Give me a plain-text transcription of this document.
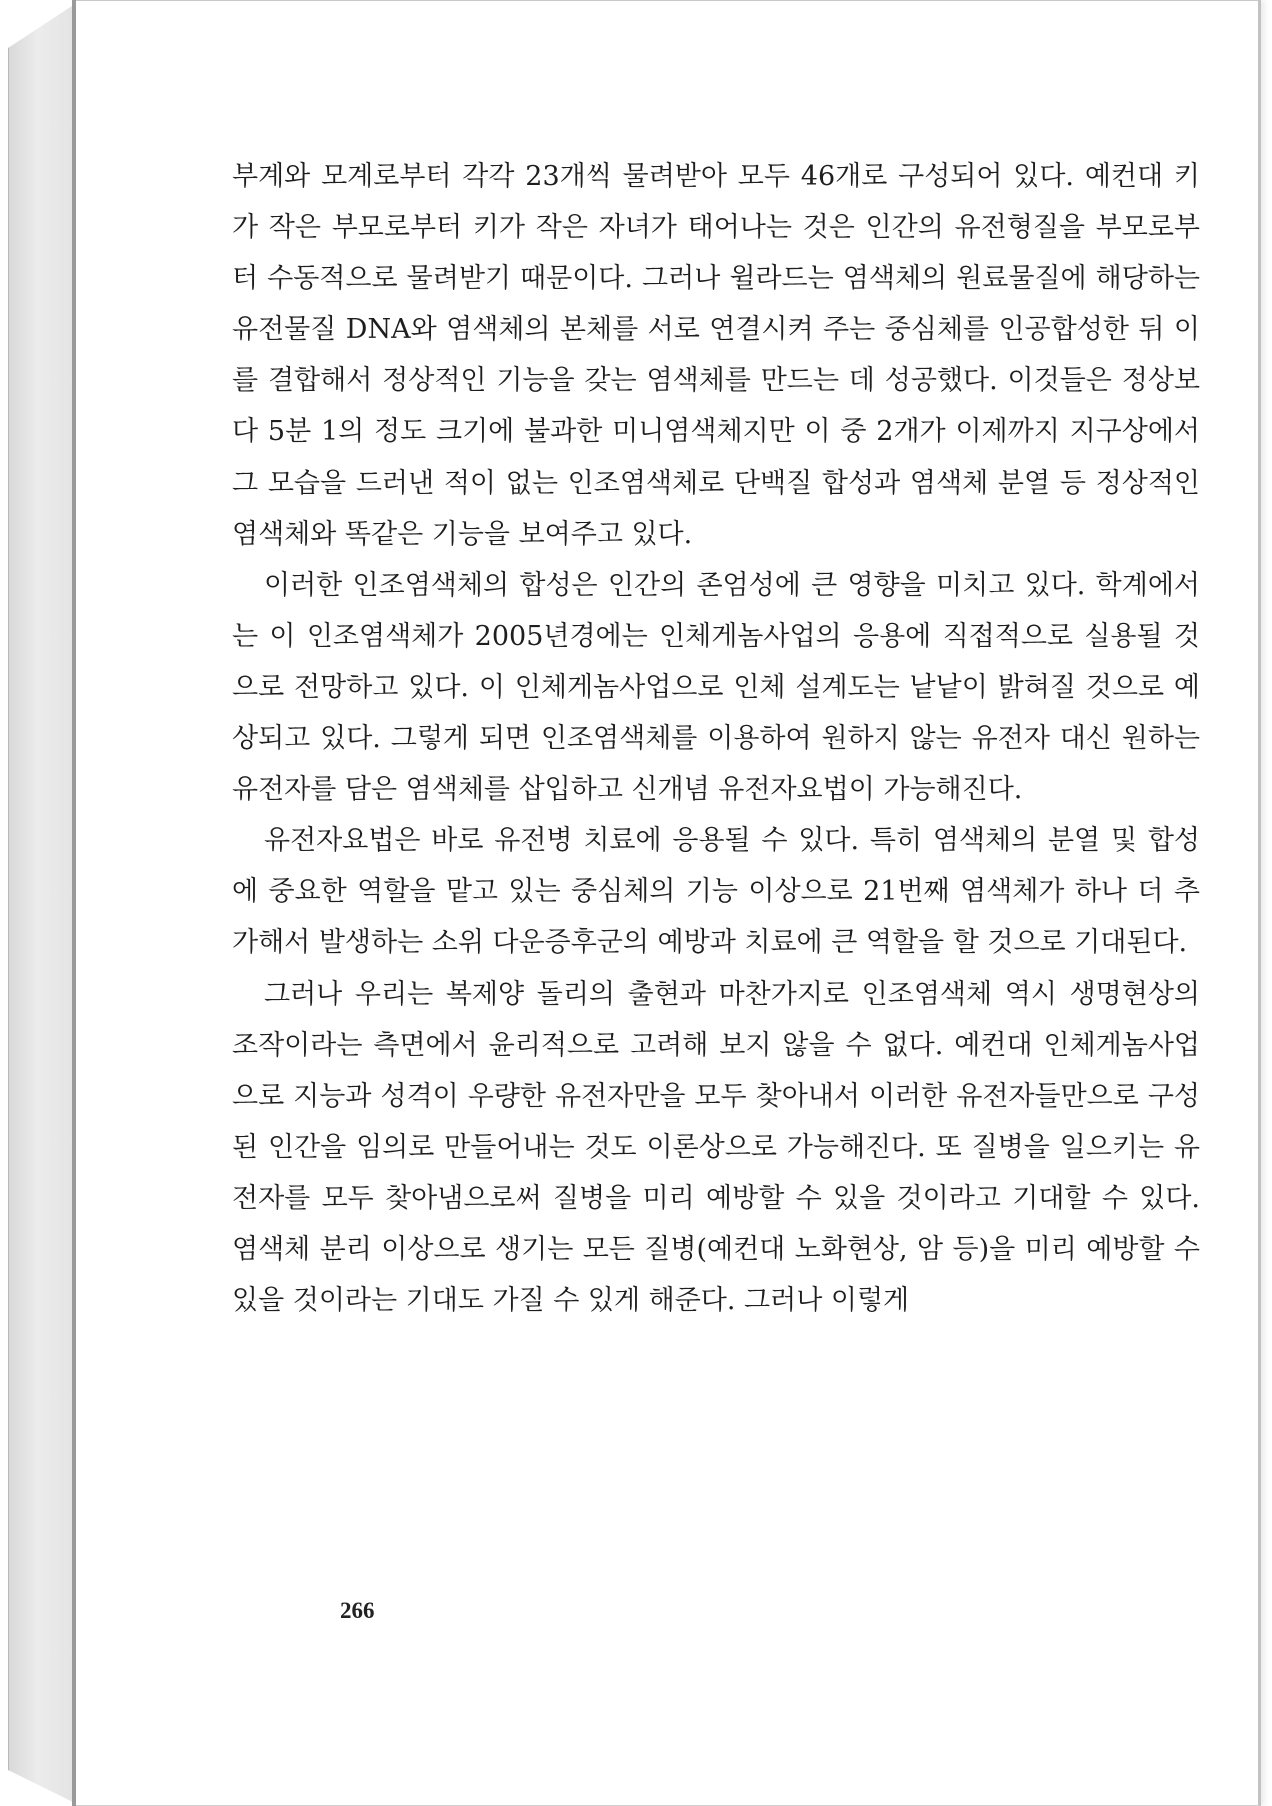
부계와 모계로부터 각각 23개씩 물려받아 모두 46개로 구성되어 있다. 예컨대 키가 작은 부모로부터 키가 작은 자녀가 태어나는 것은 인간의 유전형질을 부모로부터 수동적으로 물려받기 때문이다. 그러나 윌라드는 염색체의 원료물질에 해당하는 유전물질 DNA와 염색체의 본체를 서로 연결시켜 주는 중심체를 인공합성한 뒤 이를 결합해서 정상적인 기능을 갖는 염색체를 만드는 데 성공했다. 이것들은 정상보다 5분 1의 정도 크기에 불과한 미니염색체지만 이 중 2개가 이제까지 지구상에서 그 모습을 드러낸 적이 없는 인조염색체로 단백질 합성과 염색체 분열 등 정상적인 염색체와 똑같은 기능을 보여주고 있다.

이러한 인조염색체의 합성은 인간의 존엄성에 큰 영향을 미치고 있다. 학계에서는 이 인조염색체가 2005년경에는 인체게놈사업의 응용에 직접적으로 실용될 것으로 전망하고 있다. 이 인체게놈사업으로 인체 설계도는 낱낱이 밝혀질 것으로 예상되고 있다. 그렇게 되면 인조염색체를 이용하여 원하지 않는 유전자 대신 원하는 유전자를 담은 염색체를 삽입하고 신개념 유전자요법이 가능해진다.

유전자요법은 바로 유전병 치료에 응용될 수 있다. 특히 염색체의 분열 및 합성에 중요한 역할을 맡고 있는 중심체의 기능 이상으로 21번째 염색체가 하나 더 추가해서 발생하는 소위 다운증후군의 예방과 치료에 큰 역할을 할 것으로 기대된다.

그러나 우리는 복제양 돌리의 출현과 마찬가지로 인조염색체 역시 생명현상의 조작이라는 측면에서 윤리적으로 고려해 보지 않을 수 없다. 예컨대 인체게놈사업으로 지능과 성격이 우량한 유전자만을 모두 찾아내서 이러한 유전자들만으로 구성된 인간을 임의로 만들어내는 것도 이론상으로 가능해진다. 또 질병을 일으키는 유전자를 모두 찾아냄으로써 질병을 미리 예방할 수 있을 것이라고 기대할 수 있다. 염색체 분리 이상으로 생기는 모든 질병(예컨대 노화현상, 암 등)을 미리 예방할 수 있을 것이라는 기대도 가질 수 있게 해준다. 그러나 이렇게

266
